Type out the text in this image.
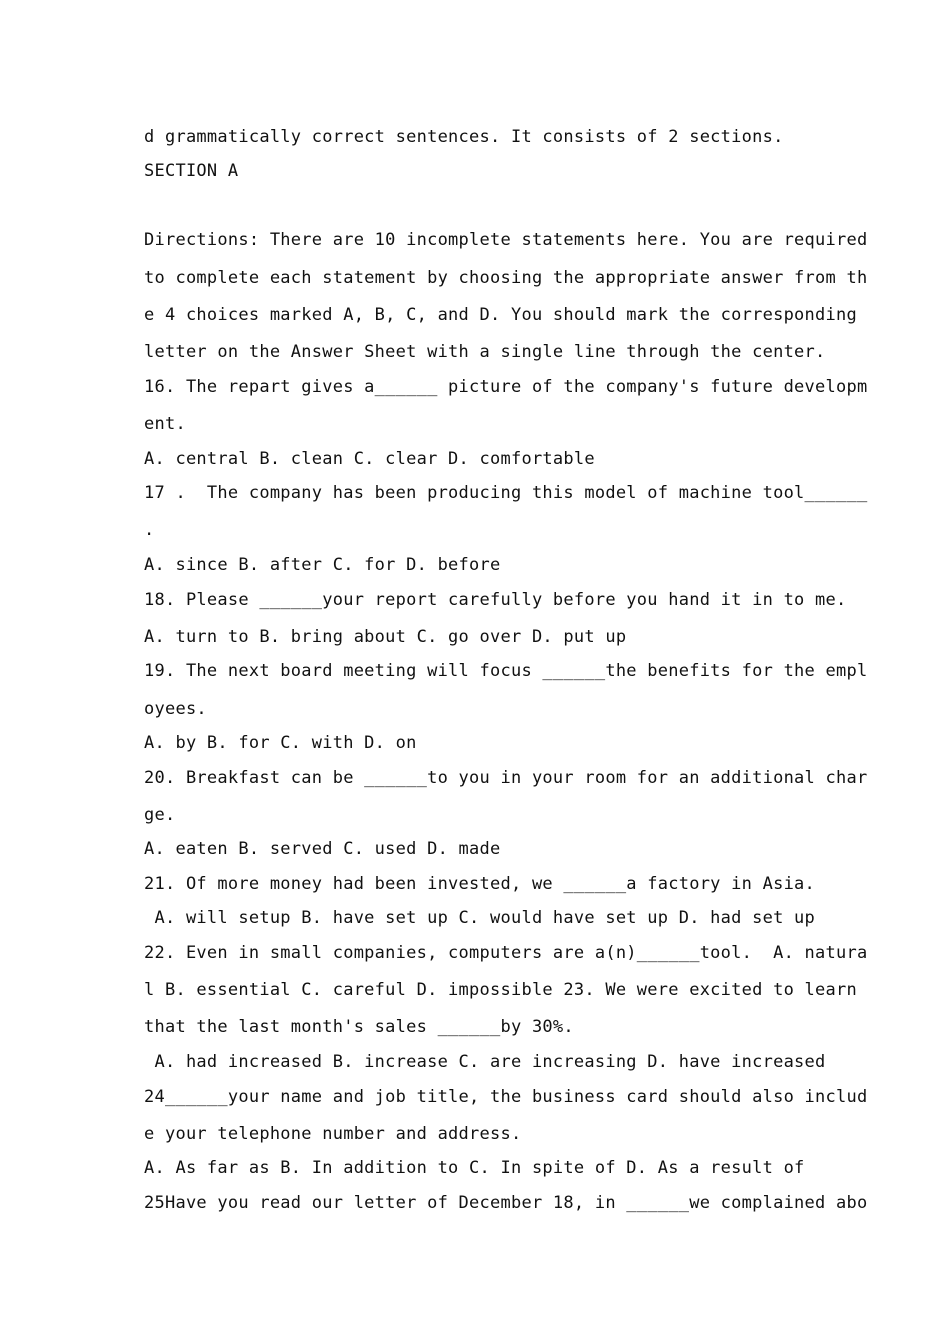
d grammatically correct sentences. It consists of 2 sections.

SECTION A

Directions: There are 10 incomplete statements here. You are required

to complete each statement by choosing the appropriate answer from th

e 4 choices marked A, B, C, and D. You should mark the corresponding

letter on the Answer Sheet with a single line through the center.

16. The repart gives a______ picture of the company's future developm

ent.

A. central B. clean C. clear D. comfortable

17 .  The company has been producing this model of machine tool______

.

A. since B. after C. for D. before

18. Please ______your report carefully before you hand it in to me.

A. turn to B. bring about C. go over D. put up

19. The next board meeting will focus ______the benefits for the empl

oyees.

A. by B. for C. with D. on

20. Breakfast can be ______to you in your room for an additional char

ge.

A. eaten B. served C. used D. made

21. Of more money had been invested, we ______a factory in Asia.

A. will setup B. have set up C. would have set up D. had set up

22. Even in small companies, computers are a(n)______tool.  A. natura

l B. essential C. careful D. impossible 23. We were excited to learn

that the last month's sales ______by 30%.

A. had increased B. increase C. are increasing D. have increased

24______your name and job title, the business card should also includ

e your telephone number and address.

A. As far as B. In addition to C. In spite of D. As a result of

25Have you read our letter of December 18, in ______we complained abo
